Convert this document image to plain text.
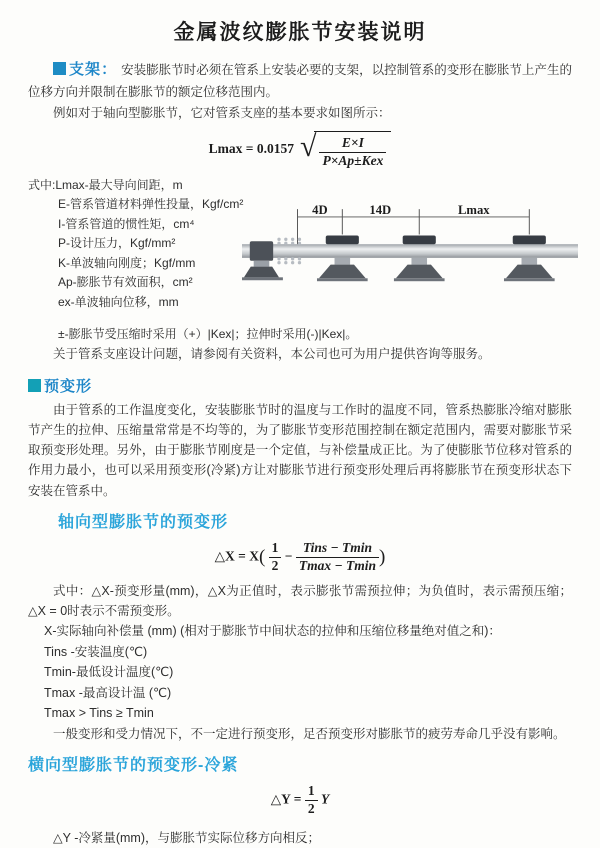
金属波纹膨胀节安装说明

支架： 安装膨胀节时必须在管系上安装必要的支架，以控制管系的变形在膨胀节上产生的位移方向并限制在膨胀节的额定位移范围内。

例如对于轴向型膨胀节，它对管系支座的基本要求如图所示：

Lmax = 0.0157 √	E×I
P×Ap±Kex
式中:Lmax-最大导向间距，m
E-管系管道材料弹性投量，Kgf/cm²
I-管系管道的惯性矩，cm⁴
P-设计压力，Kgf/mm²
K-单波轴向刚度；Kgf/mm
Ap-膨胀节有效面积，cm²
ex-单波轴向位移，mm
4D	14D	Lmax
±-膨胀节受压缩时采用（+）|Kex|；拉伸时采用(-)|Kex|。
关于管系支座设计问题，请参阅有关资料，本公司也可为用户提供咨询等服务。
预变形

由于管系的工作温度变化，安装膨胀节时的温度与工作时的温度不同，管系热膨胀冷缩对膨胀节产生的拉伸、压缩量常常是不均等的，为了膨胀节变形范围控制在额定范围内，需要对膨胀节采取预变形处理。另外，由于膨胀节刚度是一个定值，与补偿量成正比。为了使膨胀节位移对管系的作用力最小，也可以采用预变形(冷紧)方让对膨胀节进行预变形处理后再将膨胀节在预变形状态下安装在管系中。

轴向型膨胀节的预变形
△X = $X( \frac{1}{2}$ −
Tins − Tmin
Tmax − Tmin )

式中：△X-预变形量(mm)，△X为正值时，表示膨张节需预拉伸；为负值时，表示需预压缩；△X = 0时表示不需预变形。

X-实际轴向补偿量 (mm) (相对于膨胀节中间状态的拉伸和压缩位移量绝对值之和)：
Tins -安装温度(℃)
Tmin-最低设计温度(℃)
Tmax -最高设计温 (℃)
Tmax > Tins ≥ Tmin

一般变形和受力情况下，不一定进行预变形，足否预变形对膨胀节的疲劳寿命几乎没有影响。

横向型膨胀节的预变形-冷紧
△Y = $\frac{1}{2}$ Y
△Y -冷紧量(mm)，与膨胀节实际位移方向相反；
